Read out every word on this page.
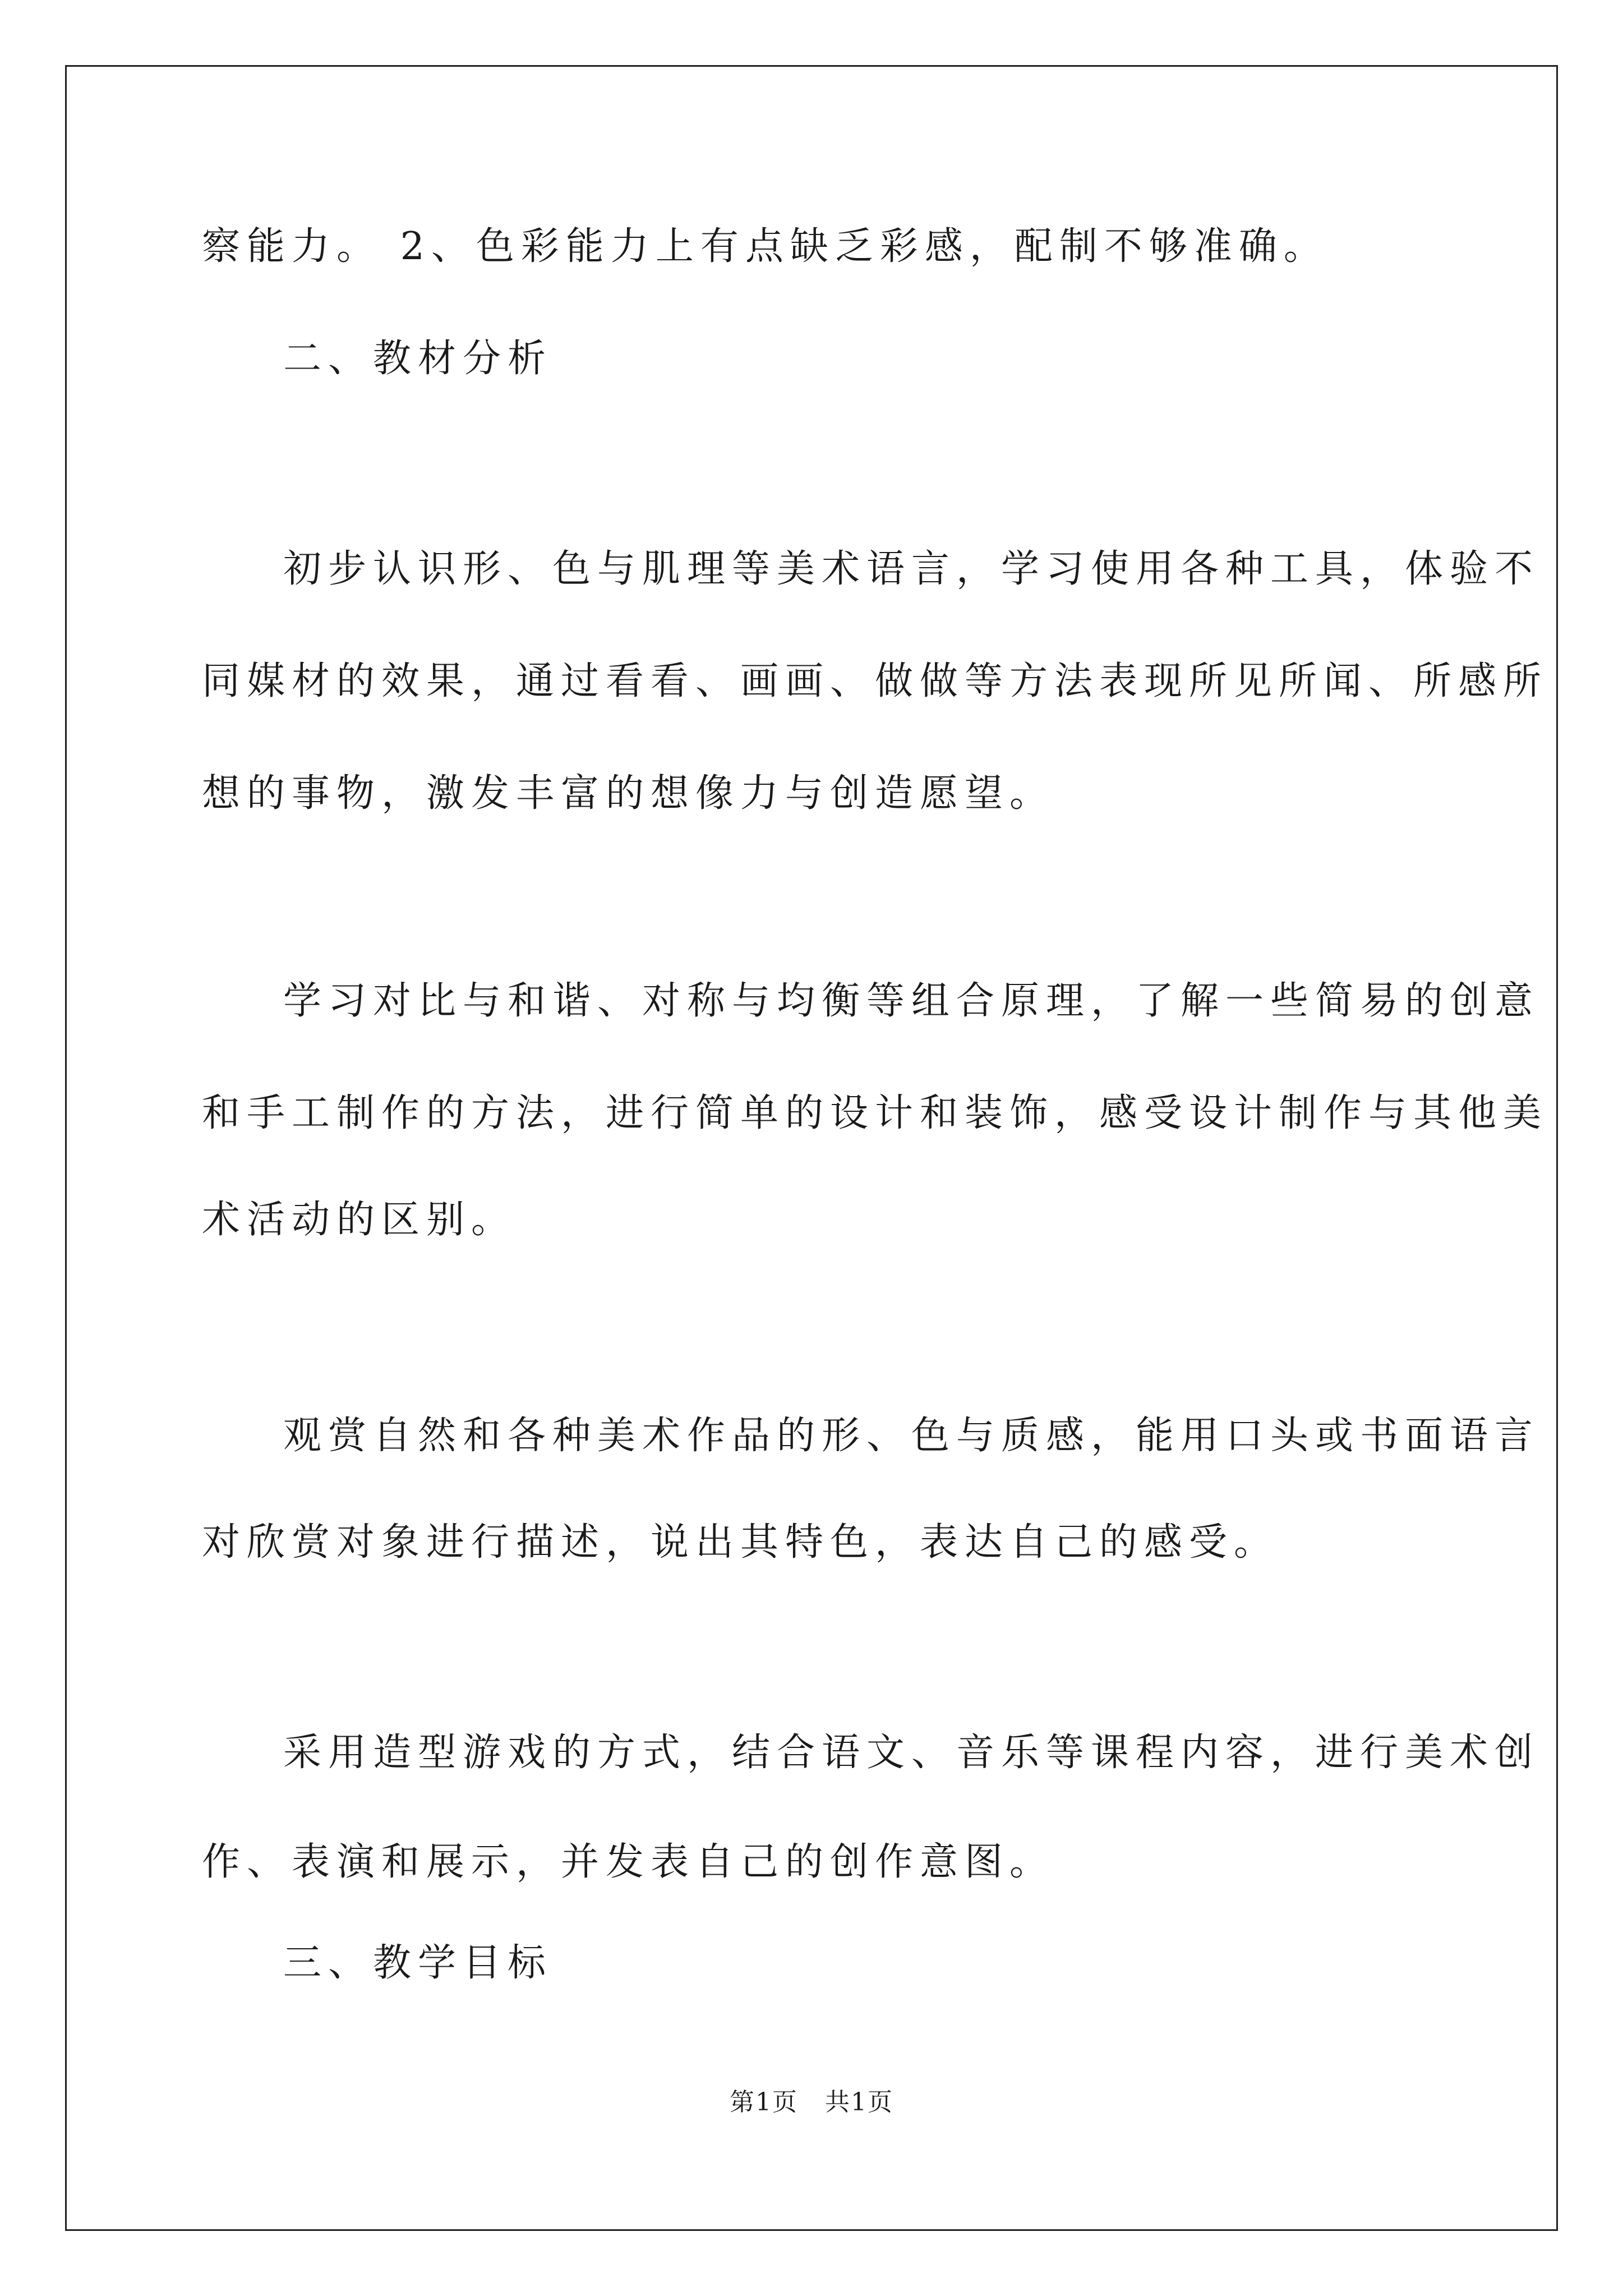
察能力。 2、色彩能力上有点缺乏彩感，配制不够准确。
二、教材分析
初步认识形、色与肌理等美术语言，学习使用各种工具，体验不
同媒材的效果，通过看看、画画、做做等方法表现所见所闻、所感所
想的事物，激发丰富的想像力与创造愿望。
学习对比与和谐、对称与均衡等组合原理，了解一些简易的创意
和手工制作的方法，进行简单的设计和装饰，感受设计制作与其他美
术活动的区别。
观赏自然和各种美术作品的形、色与质感，能用口头或书面语言
对欣赏对象进行描述，说出其特色，表达自己的感受。
采用造型游戏的方式，结合语文、音乐等课程内容，进行美术创
作、表演和展示，并发表自己的创作意图。
三、教学目标
第1页 共1页
